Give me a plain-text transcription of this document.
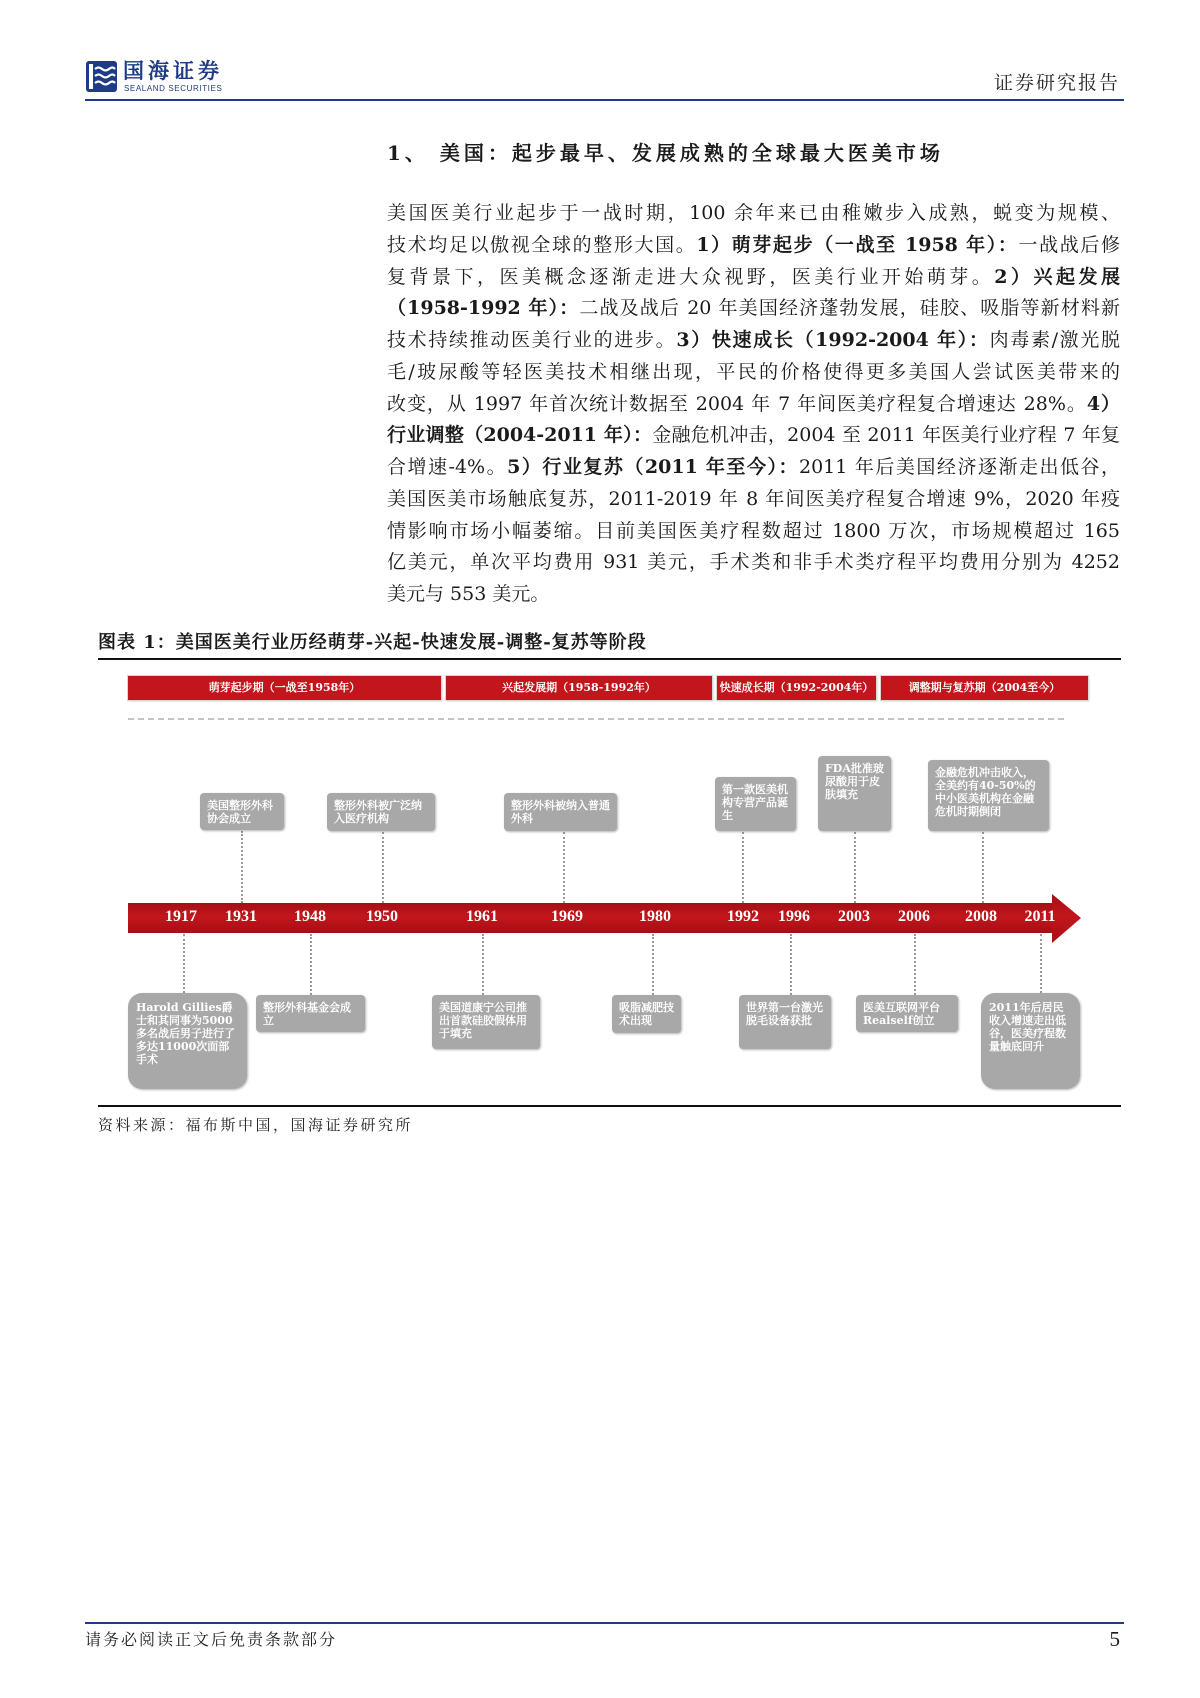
国海证券
SEALAND SECURITIES	证券研究报告
1、 美国：起步最早、发展成熟的全球最大医美市场
美国医美行业起步于一战时期，100 余年来已由稚嫩步入成熟，蜕变为规模、
技术均足以傲视全球的整形大国。1）萌芽起步（一战至 1958 年）：一战战后修
复背景下，医美概念逐渐走进大众视野，医美行业开始萌芽。2）兴起发展
（1958-1992 年）：二战及战后 20 年美国经济蓬勃发展，硅胶、吸脂等新材料新
技术持续推动医美行业的进步。3）快速成长（1992-2004 年）：肉毒素/激光脱
毛/玻尿酸等轻医美技术相继出现，平民的价格使得更多美国人尝试医美带来的
改变，从 1997 年首次统计数据至 2004 年 7 年间医美疗程复合增速达 28%。4）
行业调整（2004-2011 年）：金融危机冲击，2004 至 2011 年医美行业疗程 7 年复
合增速-4%。5）行业复苏（2011 年至今）：2011 年后美国经济逐渐走出低谷，
美国医美市场触底复苏，2011-2019 年 8 年间医美疗程复合增速 9%，2020 年疫
情影响市场小幅萎缩。目前美国医美疗程数超过 1800 万次，市场规模超过 165
亿美元，单次平均费用 931 美元，手术类和非手术类疗程平均费用分别为 4252
美元与 553 美元。
图表 1：美国医美行业历经萌芽-兴起-快速发展-调整-复苏等阶段
萌芽起步期（一战至1958年）	兴起发展期（1958-1992年）	快速成长期（1992-2004年）	调整期与复苏期（2004至今）
美国整形外科协会成立
整形外科被广泛纳入医疗机构
整形外科被纳入普通外科
第一款医美机构专营产品诞生
FDA批准玻尿酸用于皮肤填充
金融危机冲击收入，全美约有40-50%的中小医美机构在金融危机时期倒闭
1917 1931 1948	1950	1961	1969	1980	1992 1996 2003 2006 2008 2011
Harold Gillies爵士和其同事为5000多名战后男子进行了多达11000次面部手术
整形外科基金会成立
美国道康宁公司推出首款硅胶假体用于填充
吸脂减肥技术出现
世界第一台激光脱毛设备获批
医美互联网平台Realself创立
2011年后居民收入增速走出低谷，医美疗程数量触底回升
资料来源：福布斯中国，国海证券研究所
请务必阅读正文后免责条款部分	5
